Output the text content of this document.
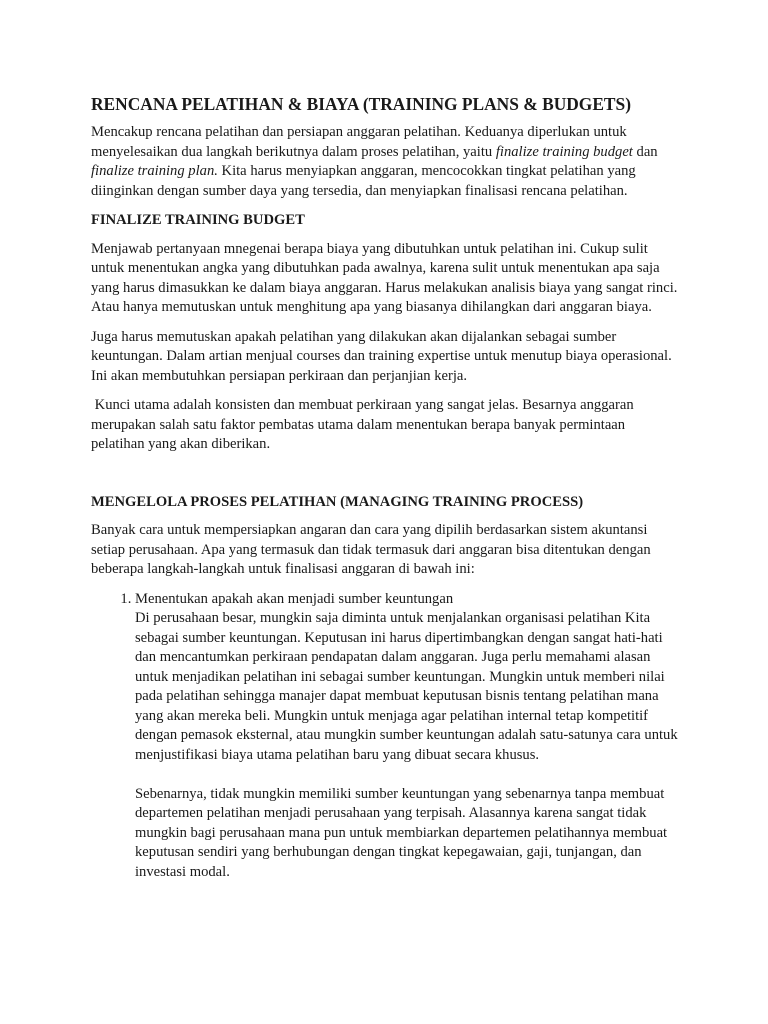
RENCANA PELATIHAN & BIAYA (TRAINING PLANS & BUDGETS)

Mencakup rencana pelatihan dan persiapan anggaran pelatihan. Keduanya diperlukan untuk menyelesaikan dua langkah berikutnya dalam proses pelatihan, yaitu finalize training budget dan finalize training plan. Kita harus menyiapkan anggaran, mencocokkan tingkat pelatihan yang diinginkan dengan sumber daya yang tersedia, dan menyiapkan finalisasi rencana pelatihan.

FINALIZE TRAINING BUDGET

Menjawab pertanyaan mnegenai berapa biaya yang dibutuhkan untuk pelatihan ini. Cukup sulit untuk menentukan angka yang dibutuhkan pada awalnya, karena sulit untuk menentukan apa saja yang harus dimasukkan ke dalam biaya anggaran. Harus melakukan analisis biaya yang sangat rinci. Atau hanya memutuskan untuk menghitung apa yang biasanya dihilangkan dari anggaran biaya.

Juga harus memutuskan apakah pelatihan yang dilakukan akan dijalankan sebagai sumber keuntungan. Dalam artian menjual courses dan training expertise untuk menutup biaya operasional. Ini akan membutuhkan persiapan perkiraan dan perjanjian kerja.

Kunci utama adalah konsisten dan membuat perkiraan yang sangat jelas. Besarnya anggaran merupakan salah satu faktor pembatas utama dalam menentukan berapa banyak permintaan pelatihan yang akan diberikan.

MENGELOLA PROSES PELATIHAN (MANAGING TRAINING PROCESS)

Banyak cara untuk mempersiapkan angaran dan cara yang dipilih berdasarkan sistem akuntansi setiap perusahaan. Apa yang termasuk dan tidak termasuk dari anggaran bisa ditentukan dengan beberapa langkah-langkah untuk finalisasi anggaran di bawah ini:

1. Menentukan apakah akan menjadi sumber keuntungan

Di perusahaan besar, mungkin saja diminta untuk menjalankan organisasi pelatihan Kita sebagai sumber keuntungan. Keputusan ini harus dipertimbangkan dengan sangat hati-hati dan mencantumkan perkiraan pendapatan dalam anggaran. Juga perlu memahami alasan untuk menjadikan pelatihan ini sebagai sumber keuntungan. Mungkin untuk memberi nilai pada pelatihan sehingga manajer dapat membuat keputusan bisnis tentang pelatihan mana yang akan mereka beli. Mungkin untuk menjaga agar pelatihan internal tetap kompetitif dengan pemasok eksternal, atau mungkin sumber keuntungan adalah satu-satunya cara untuk menjustifikasi biaya utama pelatihan baru yang dibuat secara khusus.

Sebenarnya, tidak mungkin memiliki sumber keuntungan yang sebenarnya tanpa membuat departemen pelatihan menjadi perusahaan yang terpisah. Alasannya karena sangat tidak mungkin bagi perusahaan mana pun untuk membiarkan departemen pelatihannya membuat keputusan sendiri yang berhubungan dengan tingkat kepegawaian, gaji, tunjangan, dan investasi modal.
